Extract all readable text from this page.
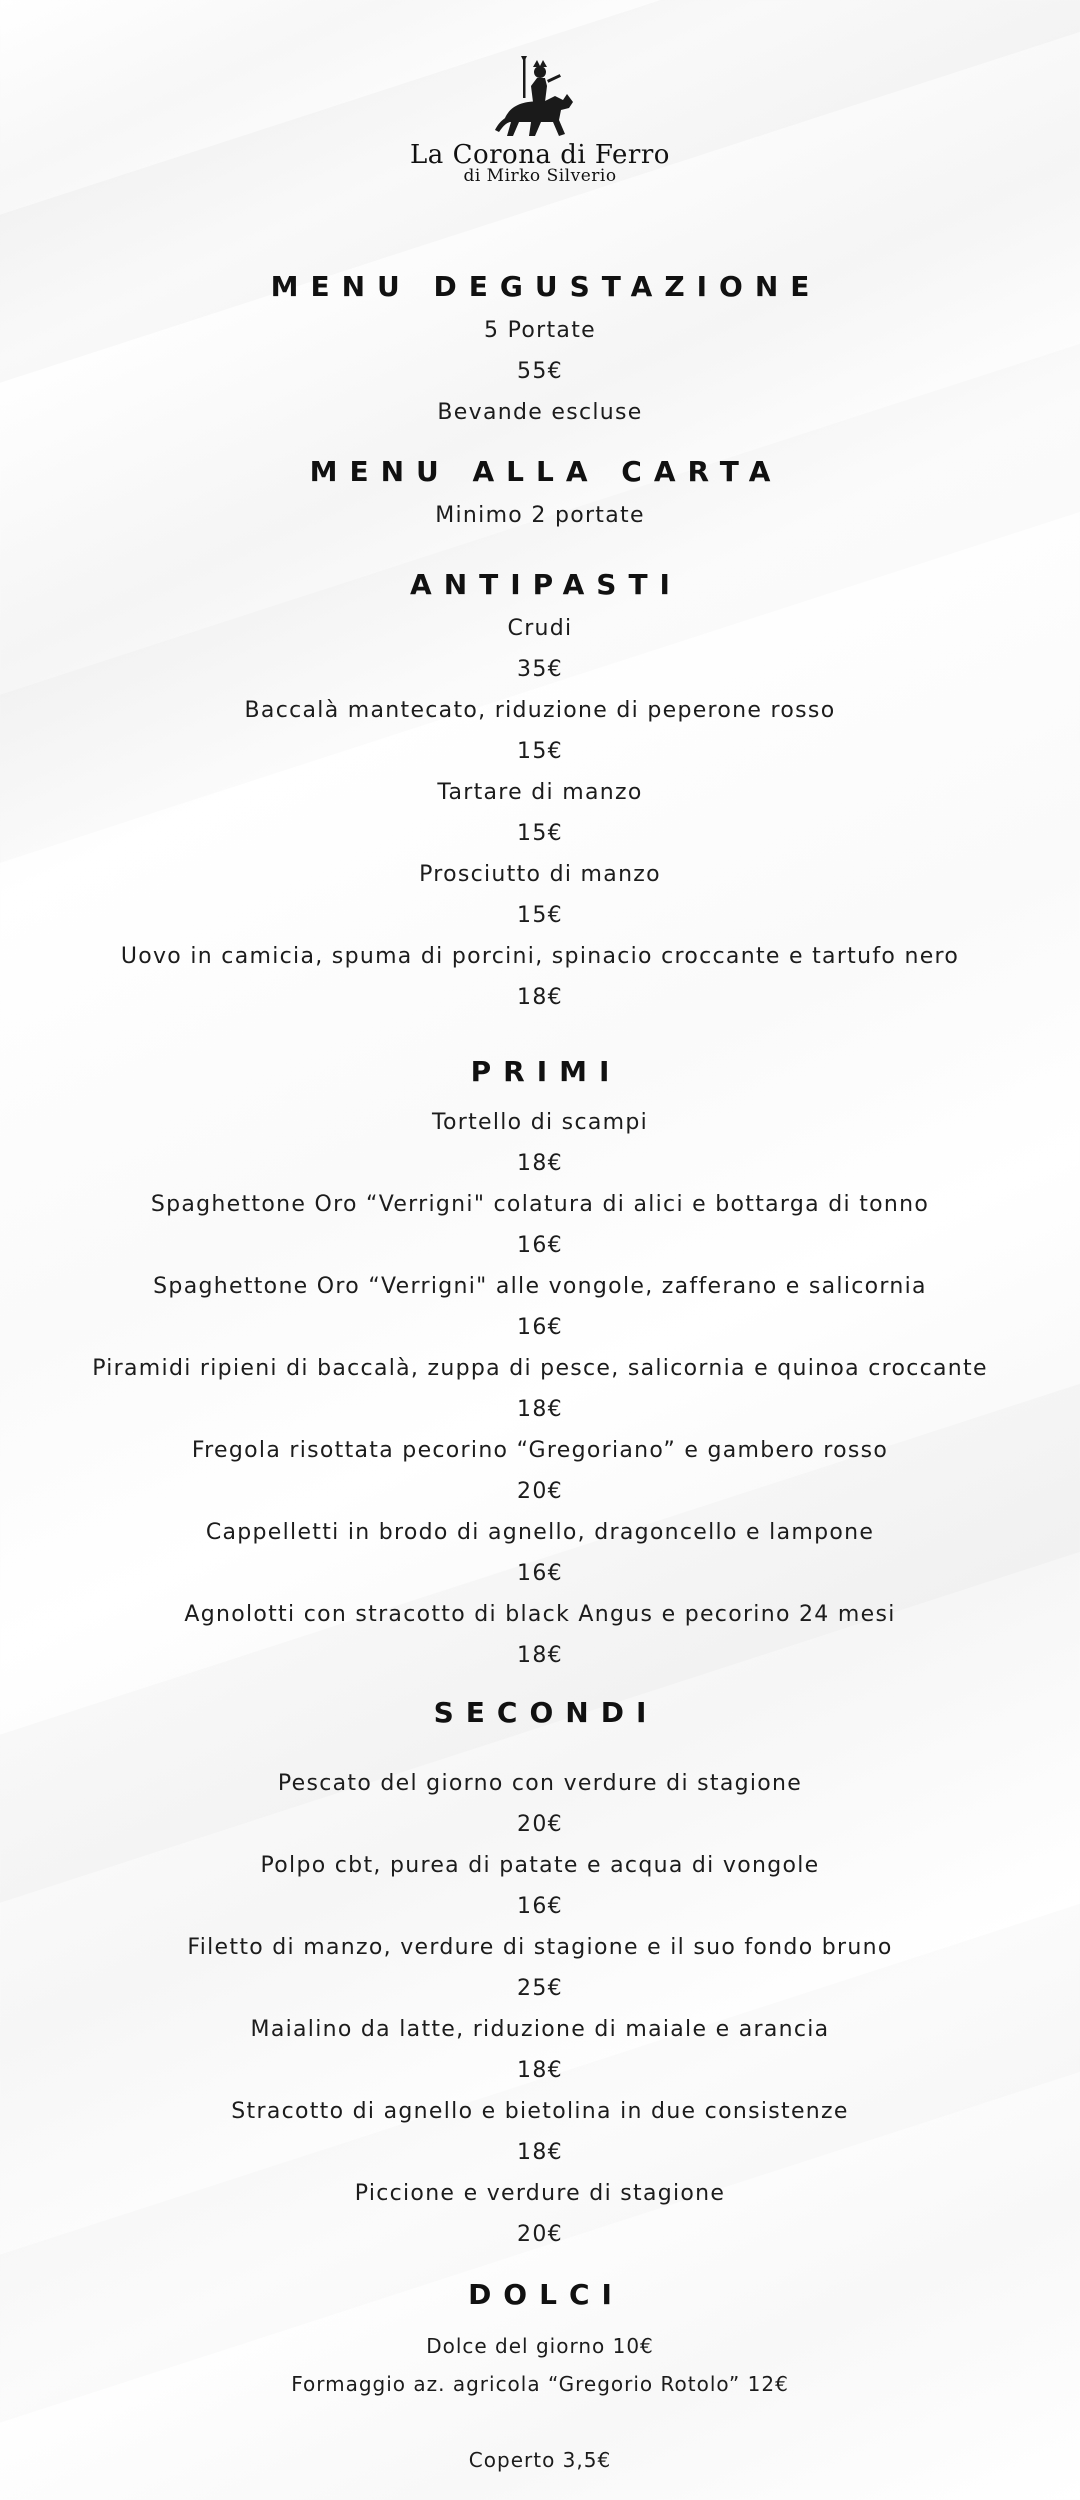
La Corona di Ferro
di Mirko Silverio
MENU DEGUSTAZIONE
5 Portate
55€
Bevande escluse
MENU ALLA CARTA
Minimo 2 portate
ANTIPASTI
Crudi
35€
Baccalà mantecato, riduzione di peperone rosso
15€
Tartare di manzo
15€
Prosciutto di manzo
15€
Uovo in camicia, spuma di porcini, spinacio croccante e tartufo nero
18€
PRIMI
Tortello di scampi
18€
Spaghettone Oro “Verrigni" colatura di alici e bottarga di tonno
16€
Spaghettone Oro “Verrigni" alle vongole, zafferano e salicornia
16€
Piramidi ripieni di baccalà, zuppa di pesce, salicornia e quinoa croccante
18€
Fregola risottata pecorino “Gregoriano” e gambero rosso
20€
Cappelletti in brodo di agnello, dragoncello e lampone
16€
Agnolotti con stracotto di black Angus e pecorino 24 mesi
18€
SECONDI
Pescato del giorno con verdure di stagione
20€
Polpo cbt, purea di patate e acqua di vongole
16€
Filetto di manzo, verdure di stagione e il suo fondo bruno
25€
Maialino da latte, riduzione di maiale e arancia
18€
Stracotto di agnello e bietolina in due consistenze
18€
Piccione e verdure di stagione
20€
DOLCI
Dolce del giorno 10€
Formaggio az. agricola “Gregorio Rotolo” 12€
Coperto 3,5€
